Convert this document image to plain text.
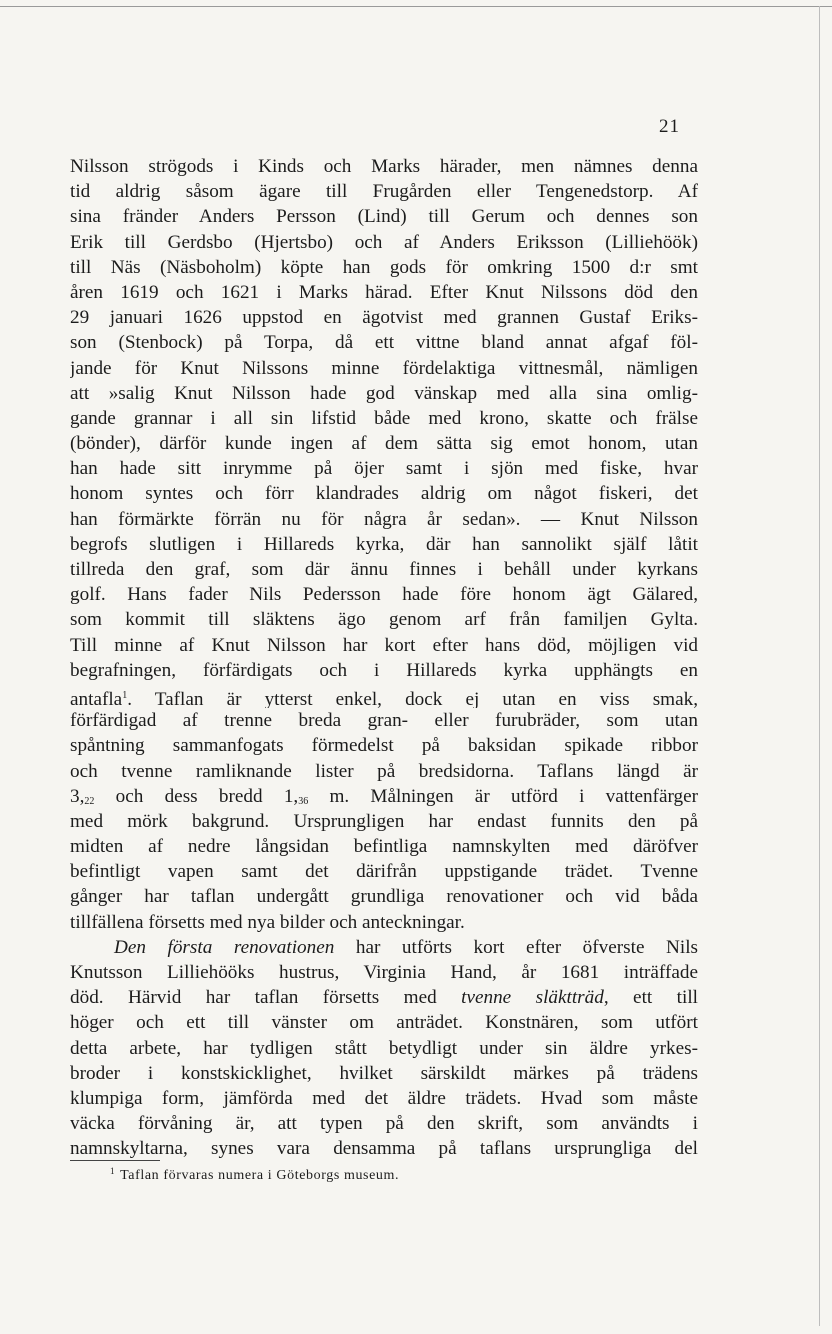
21
Nilsson strögods i Kinds och Marks härader, men nämnes denna
tid aldrig såsom ägare till Frugården eller Tengenedstorp. Af
sina fränder Anders Persson (Lind) till Gerum och dennes son
Erik till Gerdsbo (Hjertsbo) och af Anders Eriksson (Lilliehöök)
till Näs (Näsboholm) köpte han gods för omkring 1500 d:r smt
åren 1619 och 1621 i Marks härad. Efter Knut Nilssons död den
29 januari 1626 uppstod en ägotvist med grannen Gustaf Eriks-
son (Stenbock) på Torpa, då ett vittne bland annat afgaf föl-
jande för Knut Nilssons minne fördelaktiga vittnesmål, nämligen
att »salig Knut Nilsson hade god vänskap med alla sina omlig-
gande grannar i all sin lifstid både med krono, skatte och frälse
(bönder), därför kunde ingen af dem sätta sig emot honom, utan
han hade sitt inrymme på öjer samt i sjön med fiske, hvar
honom syntes och förr klandrades aldrig om något fiskeri, det
han förmärkte förrän nu för några år sedan». — Knut Nilsson
begrofs slutligen i Hillareds kyrka, där han sannolikt själf låtit
tillreda den graf, som där ännu finnes i behåll under kyrkans
golf. Hans fader Nils Pedersson hade före honom ägt Gälared,
som kommit till släktens ägo genom arf från familjen Gylta.
Till minne af Knut Nilsson har kort efter hans död, möjligen vid
begrafningen, förfärdigats och i Hillareds kyrka upphängts en
antafla$^1$. Taflan är ytterst enkel, dock ej utan en viss smak,
förfärdigad af trenne breda gran- eller furubräder, som utan
spåntning sammanfogats förmedelst på baksidan spikade ribbor
och tvenne ramliknande lister på bredsidorna. Taflans längd är
$3,_{22}$ och dess bredd $1,_{36}$ m. Målningen är utförd i vattenfärger
med mörk bakgrund. Ursprungligen har endast funnits den på
midten af nedre långsidan befintliga namnskylten med däröfver
befintligt vapen samt det därifrån uppstigande trädet. Tvenne
gånger har taflan undergått grundliga renovationer och vid båda
tillfällena försetts med nya bilder och anteckningar.
Den första renovationen har utförts kort efter öfverste Nils
Knutsson Lilliehööks hustrus, Virginia Hand, år 1681 inträffade
död. Härvid har taflan försetts med tvenne släktträd, ett till
höger och ett till vänster om anträdet. Konstnären, som utfört
detta arbete, har tydligen stått betydligt under sin äldre yrkes-
broder i konstskicklighet, hvilket särskildt märkes på trädens
klumpiga form, jämförda med det äldre trädets. Hvad som måste
väcka förvåning är, att typen på den skrift, som användts i
namnskyltarna, synes vara densamma på taflans ursprungliga del
$^1$ Taflan förvaras numera i Göteborgs museum.
